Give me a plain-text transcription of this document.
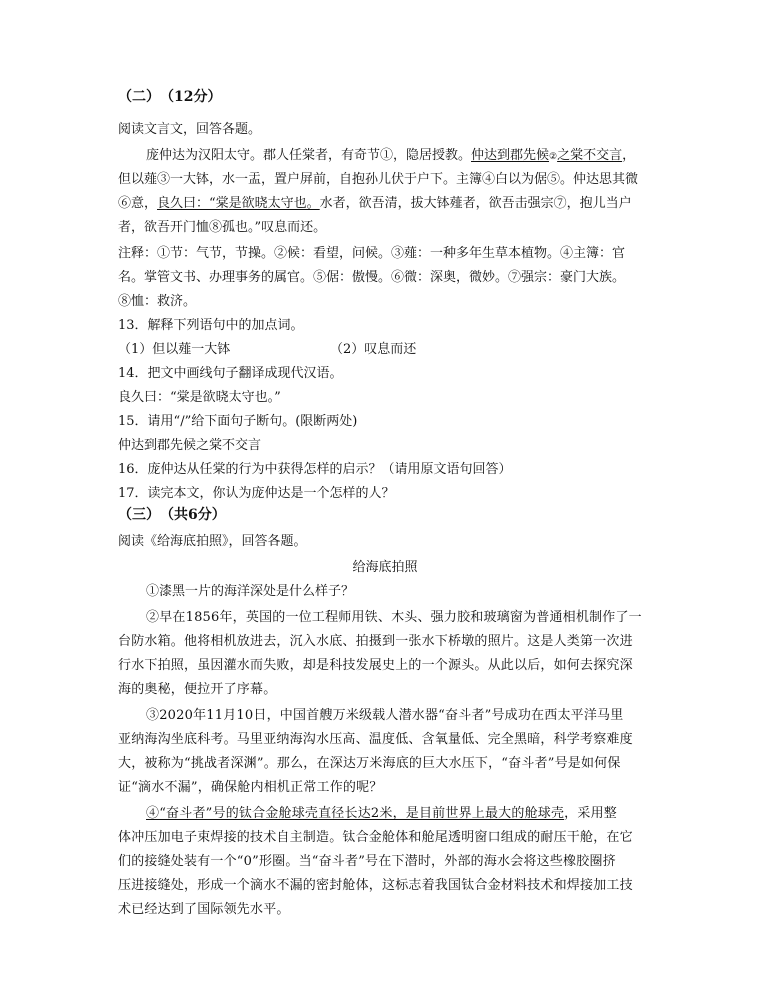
（二）　（12分）
阅读文言文，回答各题。
庞仲达为汉阳太守。郡人任棠者，有奇节①，隐居授教。仲达到郡先候②之棠不交言，
但以薤③一大钵，水一盂，置户屏前，自抱孙儿伏于户下。主簿④白以为倨⑤。仲达思其微
⑥意，良久曰：“棠是欲晓太守也。水者，欲吾清，拔大钵薤者，欲吾击强宗⑦，抱儿当户
者，欲吾开门恤⑧孤也。”叹息而还。
注释：①节：气节，节操。②候：看望，问候。③薤：一种多年生草本植物。④主簿：官
名。掌管文书、办理事务的属官。⑤倨：傲慢。⑥微：深奥，微妙。⑦强宗：豪门大族。
⑧恤：救济。
13．解释下列语句中的加点词。
（1）但以薤一大钵	（2）叹息而还
14．把文中画线句子翻译成现代汉语。
良久曰：“棠是欲晓太守也。”
15．请用“/”给下面句子断句。(限断两处)
仲达到郡先候之棠不交言
16．庞仲达从任棠的行为中获得怎样的启示？（请用原文语句回答）
17．读完本文，你认为庞仲达是一个怎样的人？
（三）　（共6分）
阅读《给海底拍照》，回答各题。
给海底拍照
①漆黑一片的海洋深处是什么样子？
②早在1856年，英国的一位工程师用铁、木头、强力胶和玻璃窗为普通相机制作了一
台防水箱。他将相机放进去，沉入水底、拍摄到一张水下桥墩的照片。这是人类第一次进
行水下拍照，虽因灌水而失败，却是科技发展史上的一个源头。从此以后，如何去探究深
海的奥秘，便拉开了序幕。
③2020年11月10日，中国首艘万米级载人潜水器“奋斗者”号成功在西太平洋马里
亚纳海沟坐底科考。马里亚纳海沟水压高、温度低、含氧量低、完全黑暗，科学考察难度
大，被称为“挑战者深渊”。那么，在深达万米海底的巨大水压下，“奋斗者”号是如何保
证“滴水不漏”，确保舱内相机正常工作的呢？
④“奋斗者”号的钛合金舱球壳直径长达2米，是目前世界上最大的舱球壳，采用整
体冲压加电子束焊接的技术自主制造。钛合金舱体和舱尾透明窗口组成的耐压干舱，在它
们的接缝处装有一个“0”形圈。当“奋斗者”号在下潜时，外部的海水会将这些橡胶圈挤
压进接缝处，形成一个滴水不漏的密封舱体，这标志着我国钛合金材料技术和焊接加工技
术已经达到了国际领先水平。
